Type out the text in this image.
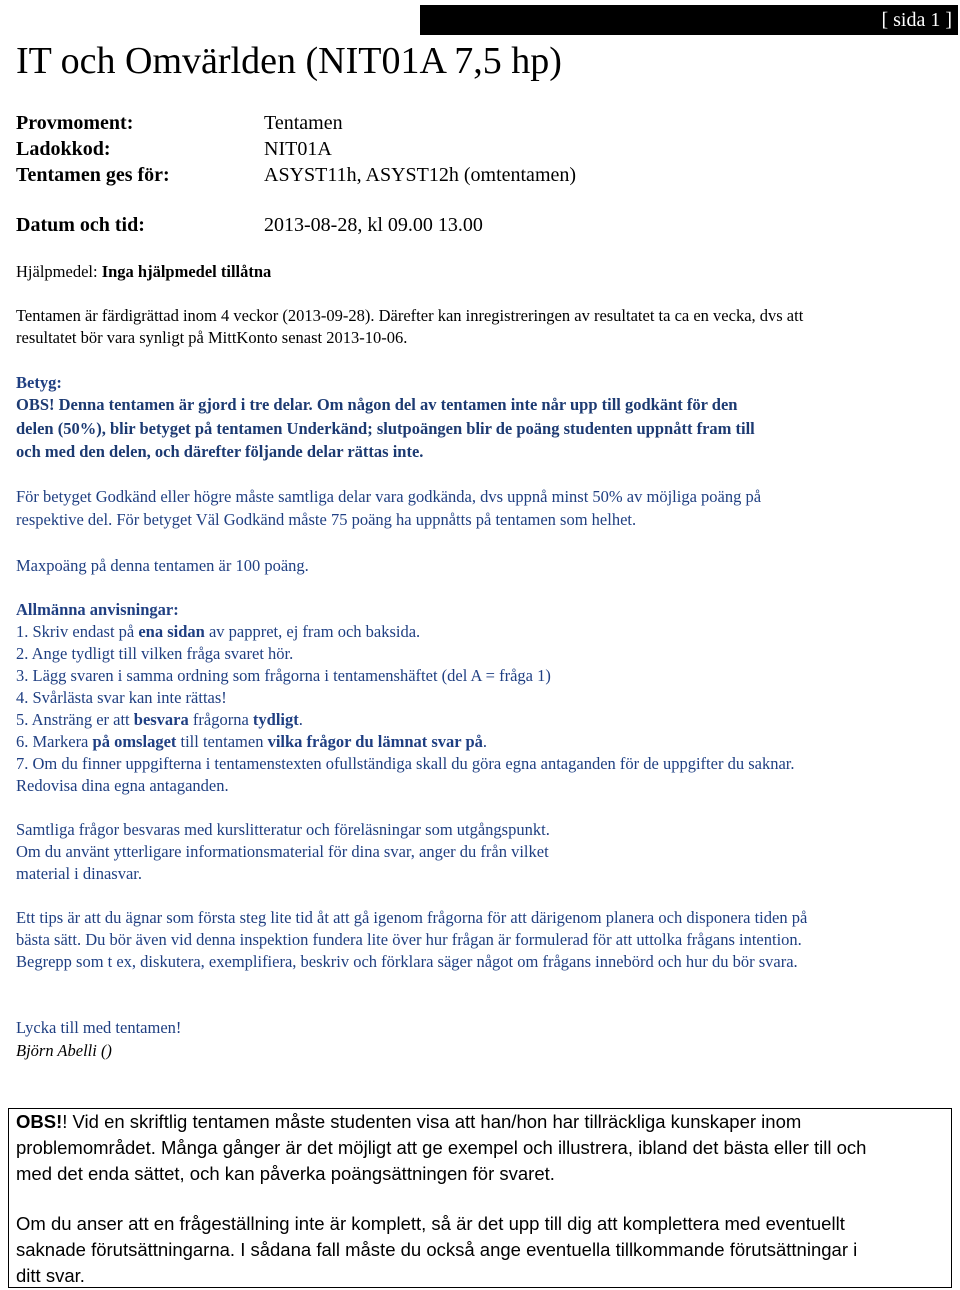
[ sida 1 ]
IT och Omvärlden (NIT01A 7,5 hp)
Provmoment:	Tentamen
Ladokkod:	NIT01A
Tentamen ges för:	ASYST11h, ASYST12h (omtentamen)
Datum och tid:	2013-08-28, kl 09.00 13.00
Hjälpmedel: Inga hjälpmedel tillåtna
Tentamen är färdigrättad inom 4 veckor (2013-09-28). Därefter kan inregistreringen av resultatet ta ca en vecka, dvs att
resultatet bör vara synligt på MittKonto senast 2013-10-06.
Betyg:
OBS! Denna tentamen är gjord i tre delar. Om någon del av tentamen inte når upp till godkänt för den
delen (50%), blir betyget på tentamen Underkänd; slutpoängen blir de poäng studenten uppnått fram till
och med den delen, och därefter följande delar rättas inte.
För betyget Godkänd eller högre måste samtliga delar vara godkända, dvs uppnå minst 50% av möjliga poäng på
respektive del. För betyget Väl Godkänd måste 75 poäng ha uppnåtts på tentamen som helhet.
Maxpoäng på denna tentamen är 100 poäng.
Allmänna anvisningar:
1. Skriv endast på ena sidan av pappret, ej fram och baksida.
2. Ange tydligt till vilken fråga svaret hör.
3. Lägg svaren i samma ordning som frågorna i tentamenshäftet (del A = fråga 1)
4. Svårlästa svar kan inte rättas!
5. Ansträng er att besvara frågorna tydligt.
6. Markera på omslaget till tentamen vilka frågor du lämnat svar på.
7. Om du finner uppgifterna i tentamenstexten ofullständiga skall du göra egna antaganden för de uppgifter du saknar.
Redovisa dina egna antaganden.
Samtliga frågor besvaras med kurslitteratur och föreläsningar som utgångspunkt.
Om du använt ytterligare informationsmaterial för dina svar, anger du från vilket
material i dinasvar.
Ett tips är att du ägnar som första steg lite tid åt att gå igenom frågorna för att därigenom planera och disponera tiden på
bästa sätt. Du bör även vid denna inspektion fundera lite över hur frågan är formulerad för att uttolka frågans intention.
Begrepp som t ex, diskutera, exemplifiera, beskriv och förklara säger något om frågans innebörd och hur du bör svara.
Lycka till med tentamen!
Björn Abelli ()
OBS!! Vid en skriftlig tentamen måste studenten visa att han/hon har tillräckliga kunskaper inom
problemområdet. Många gånger är det möjligt att ge exempel och illustrera, ibland det bästa eller till och
med det enda sättet, och kan påverka poängsättningen för svaret.
Om du anser att en frågeställning inte är komplett, så är det upp till dig att komplettera med eventuellt
saknade förutsättningarna. I sådana fall måste du också ange eventuella tillkommande förutsättningar i
ditt svar.
